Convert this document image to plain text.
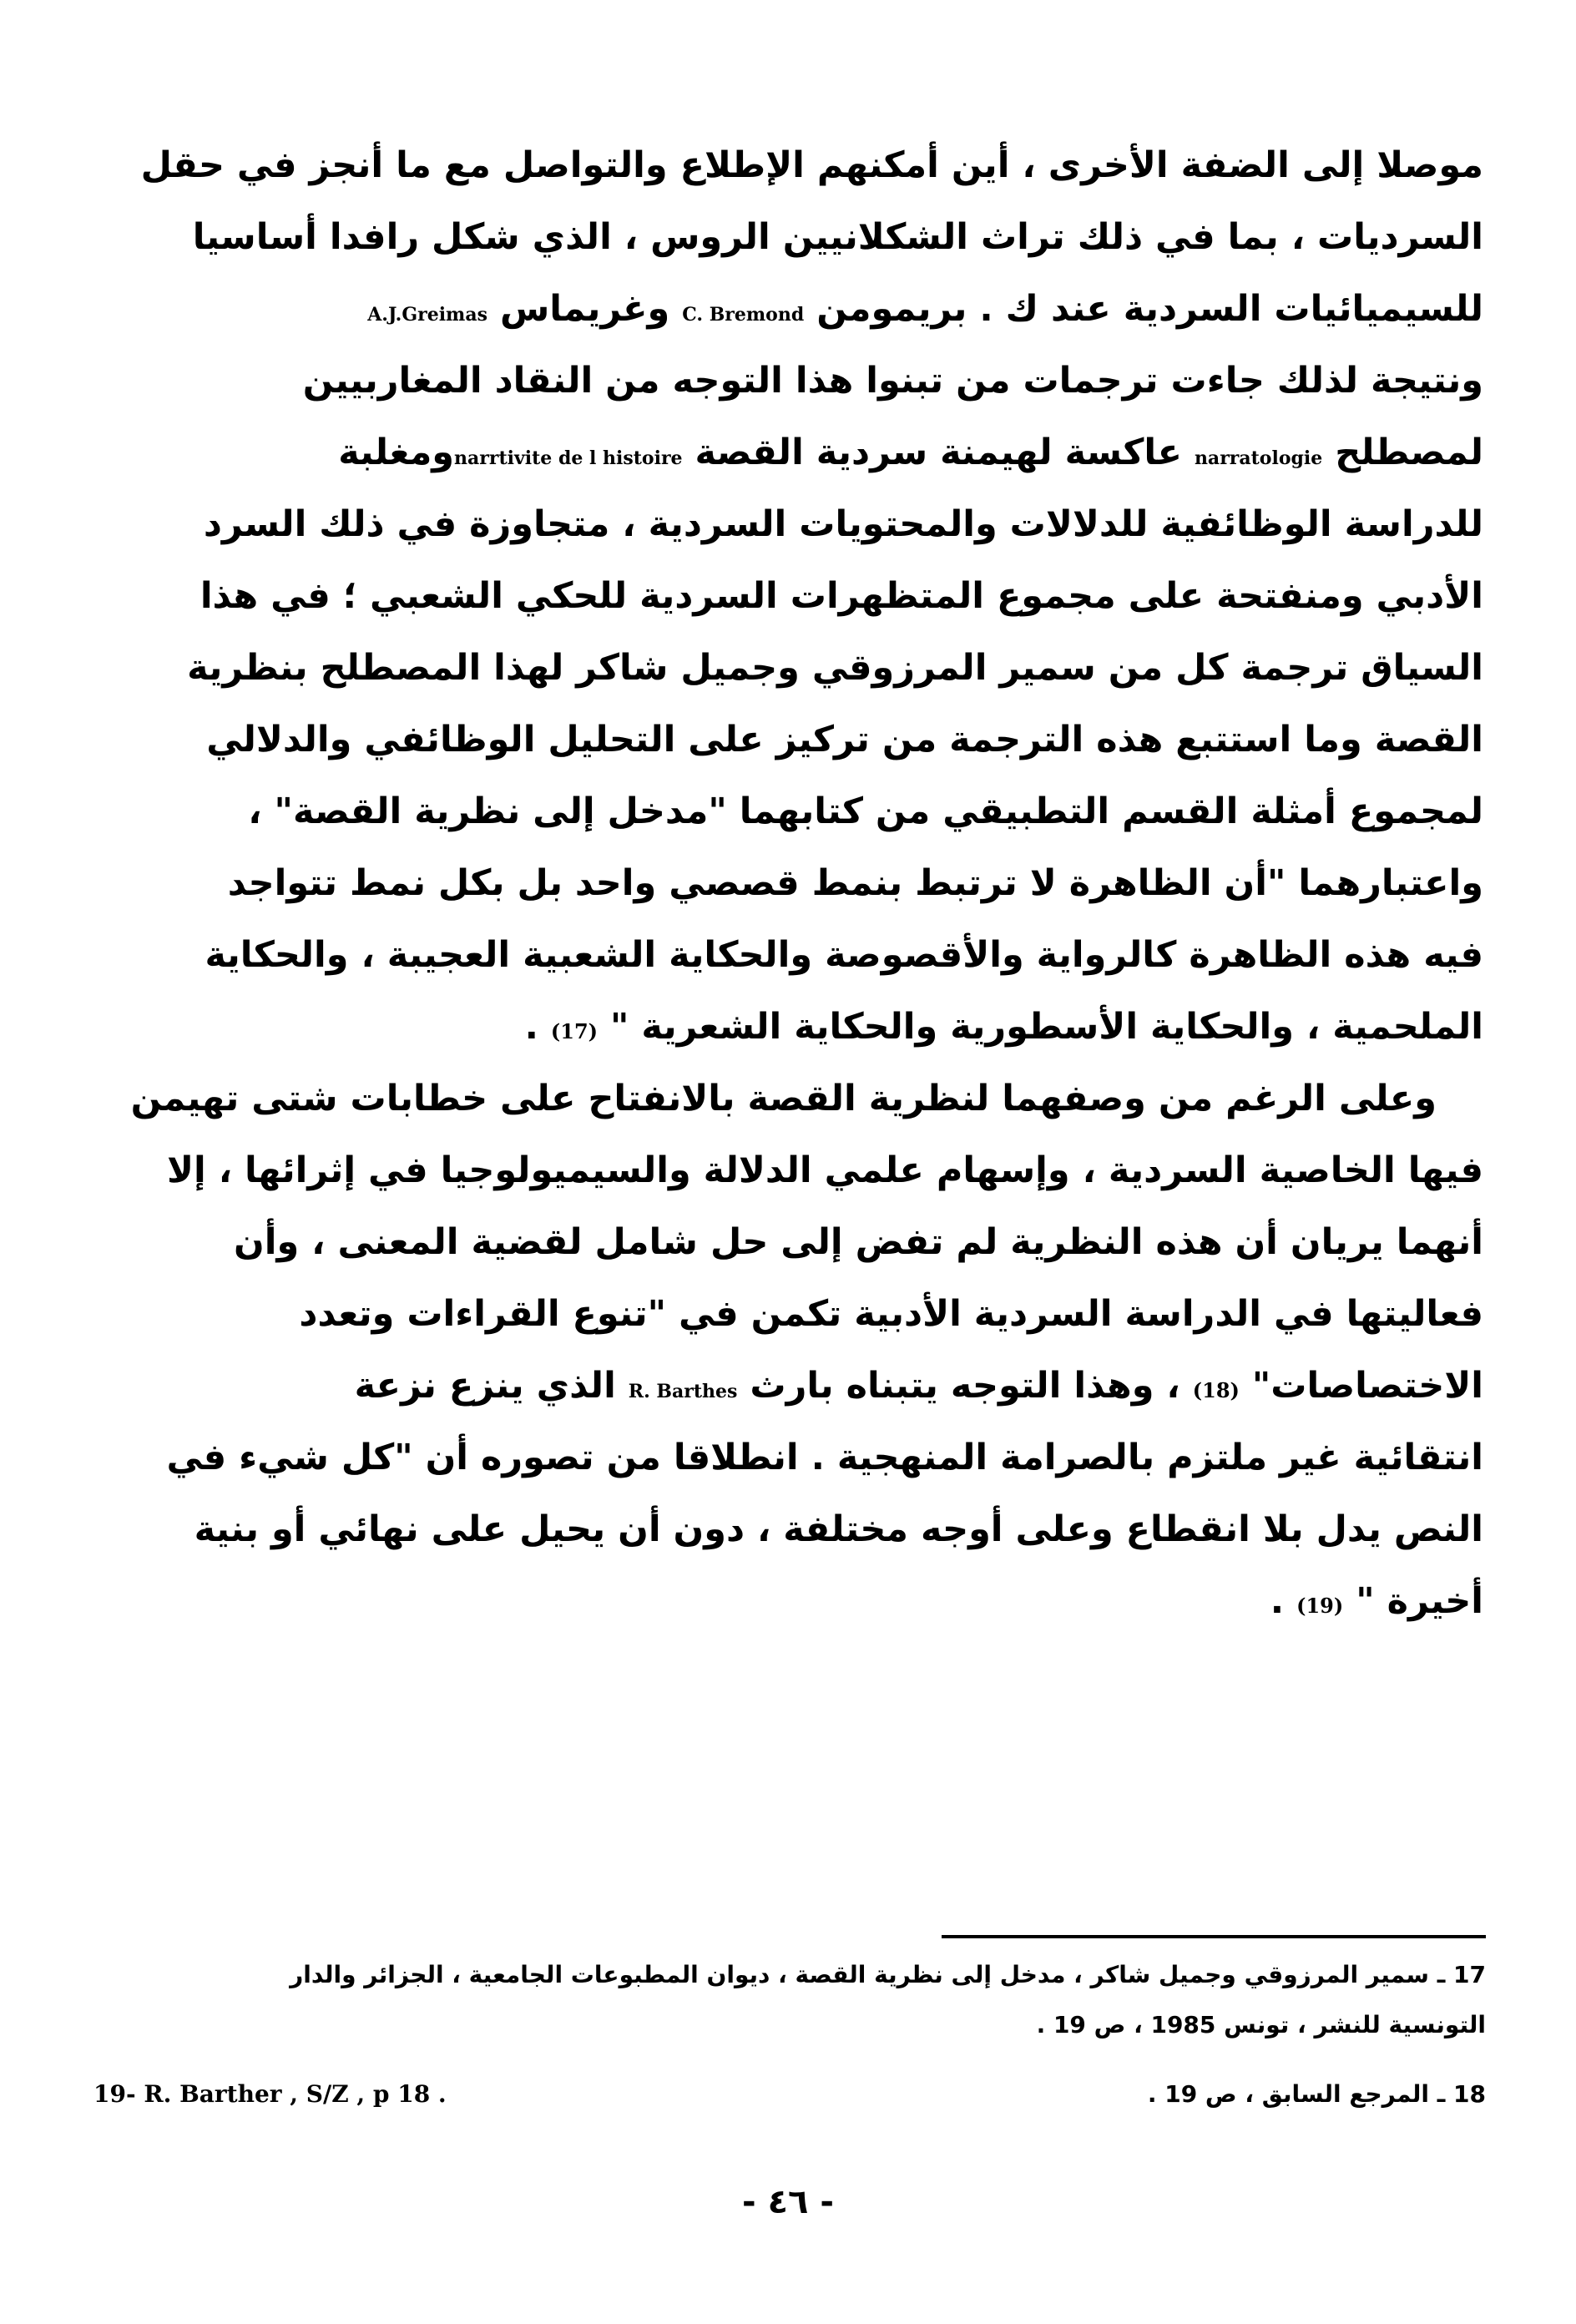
موصلا إلى الضفة الأخرى ، أين أمكنهم الإطلاع والتواصل مع ما أنجز في حقل
السرديات ، بما في ذلك تراث الشكلانيين الروس ، الذي شكل رافدا أساسيا
للسيميائيات السردية عند ك . بريمومن C. Bremond وغريماس A.J.Greimas
ونتيجة لذلك جاءت ترجمات من تبنوا هذا التوجه من النقاد المغاربيين
لمصطلح narratologie عاكسة لهيمنة سردية القصة narrtivite de l histoireومغلبة
للدراسة الوظائفية للدلالات والمحتويات السردية ، متجاوزة في ذلك السرد
الأدبي ومنفتحة على مجموع المتظهرات السردية للحكي الشعبي ؛ في هذا
السياق ترجمة كل من سمير المرزوقي وجميل شاكر لهذا المصطلح بنظرية
القصة وما استتبع هذه الترجمة من تركيز على التحليل الوظائفي والدلالي
لمجموع أمثلة القسم التطبيقي من كتابهما "مدخل إلى نظرية القصة" ،
واعتبارهما "أن الظاهرة لا ترتبط بنمط قصصي واحد بل بكل نمط تتواجد
فيه هذه الظاهرة كالرواية والأقصوصة والحكاية الشعبية العجيبة ، والحكاية
الملحمية ، والحكاية الأسطورية والحكاية الشعرية " (17) .
وعلى الرغم من وصفهما لنظرية القصة بالانفتاح على خطابات شتى تهيمن
فيها الخاصية السردية ، وإسهام علمي الدلالة والسيميولوجيا في إثرائها ، إلا
أنهما يريان أن هذه النظرية لم تفض إلى حل شامل لقضية المعنى ، وأن
فعاليتها في الدراسة السردية الأدبية تكمن في "تنوع القراءات وتعدد
الاختصاصات" (18) ، وهذا التوجه يتبناه بارث R. Barthes الذي ينزع نزعة
انتقائية غير ملتزم بالصرامة المنهجية . انطلاقا من تصوره أن "كل شيء في
النص يدل بلا انقطاع وعلى أوجه مختلفة ، دون أن يحيل على نهائي أو بنية
أخيرة " (19) .
17 ـ سمير المرزوقي وجميل شاكر ، مدخل إلى نظرية القصة ، ديوان المطبوعات الجامعية ، الجزائر والدار
التونسية للنشر ، تونس 1985 ، ص 19 .
18 ـ المرجع السابق ، ص 19 .
19- R. Barther , S/Z , p 18 .
- ٤٦ -
